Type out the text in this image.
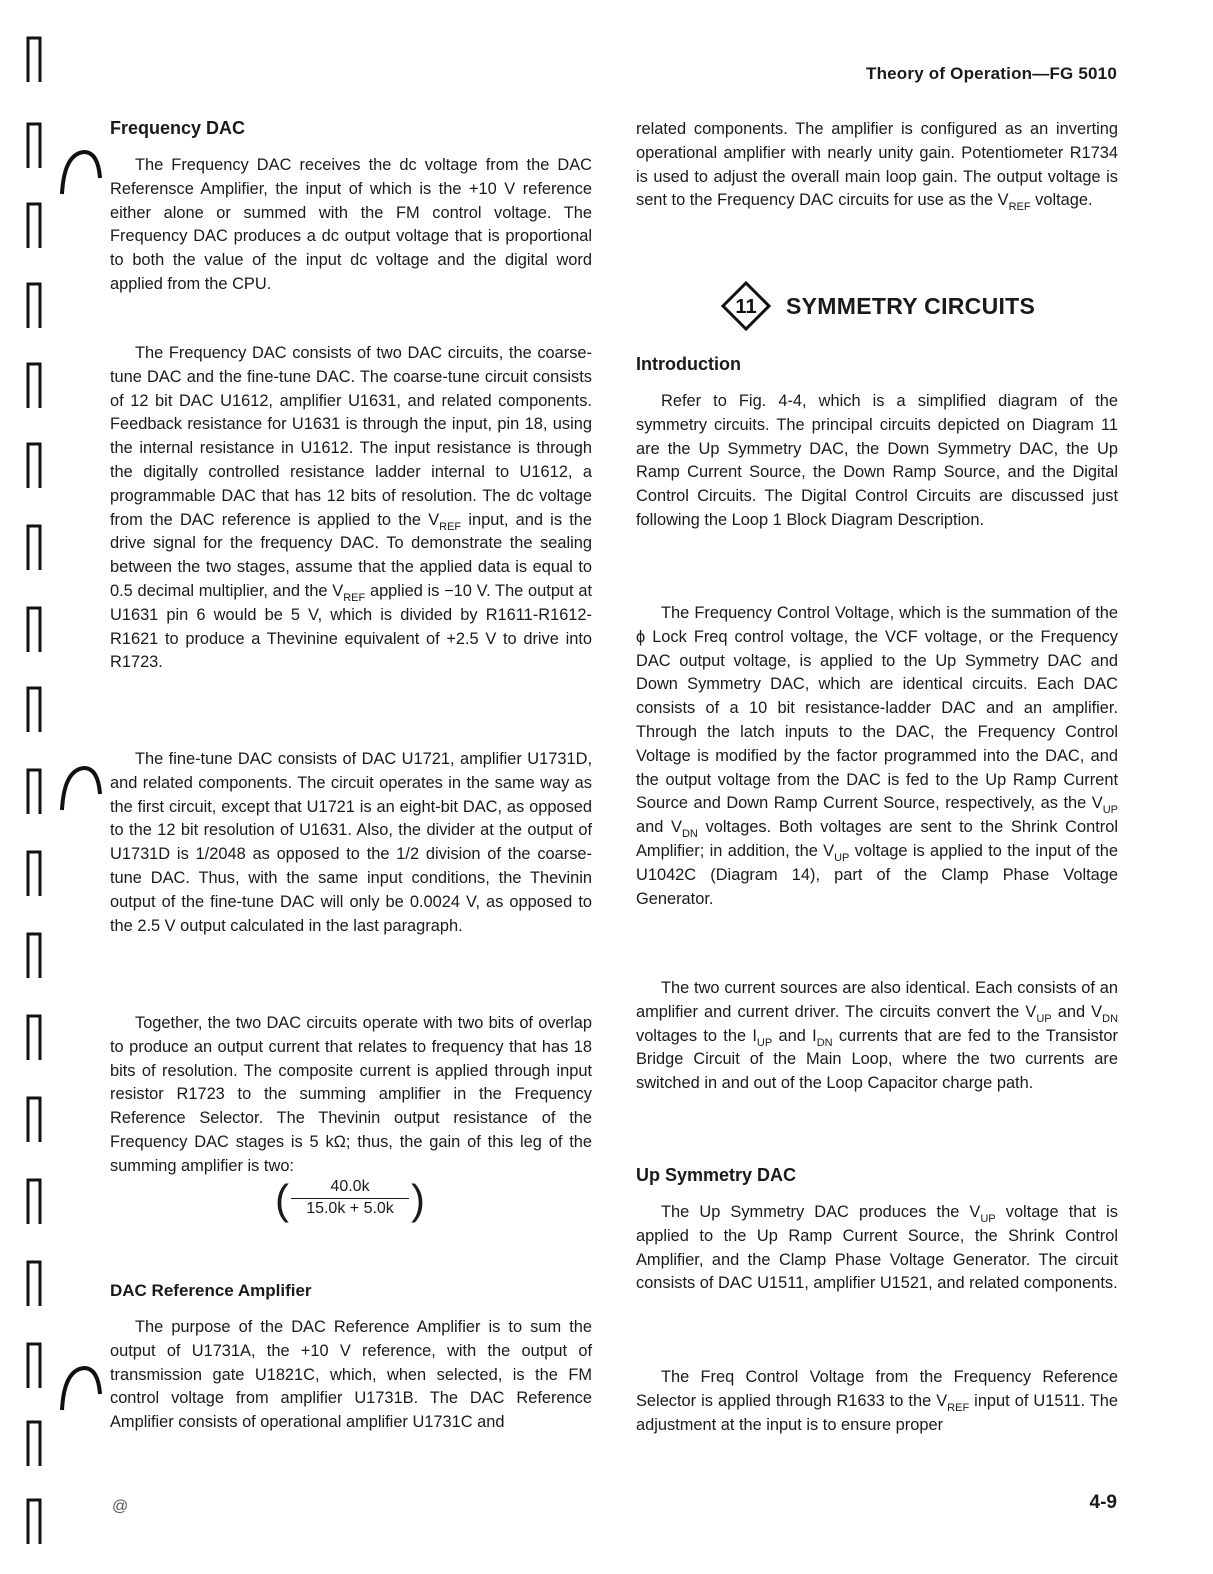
Theory of Operation—FG 5010
Frequency DAC

The Frequency DAC receives the dc voltage from the DAC Referensce Amplifier, the input of which is the +10 V reference either alone or summed with the FM control voltage. The Frequency DAC produces a dc output voltage that is proportional to both the value of the input dc voltage and the digital word applied from the CPU.

The Frequency DAC consists of two DAC circuits, the coarse-tune DAC and the fine-tune DAC. The coarse-tune circuit consists of 12 bit DAC U1612, amplifier U1631, and related components. Feedback resistance for U1631 is through the input, pin 18, using the internal resistance in U1612. The input resistance is through the digitally controlled resistance ladder internal to U1612, a programmable DAC that has 12 bits of resolution. The dc voltage from the DAC reference is applied to the $V_{REF}$ input, and is the drive signal for the frequency DAC. To demonstrate the sealing between the two stages, assume that the applied data is equal to 0.5 decimal multiplier, and the $V_{REF}$ applied is −10 V. The output at U1631 pin 6 would be 5 V, which is divided by R1611-R1612-R1621 to produce a Thevinine equivalent of +2.5 V to drive into R1723.

The fine-tune DAC consists of DAC U1721, amplifier U1731D, and related components. The circuit operates in the same way as the first circuit, except that U1721 is an eight-bit DAC, as opposed to the 12 bit resolution of U1631. Also, the divider at the output of U1731D is 1/2048 as opposed to the 1/2 division of the coarse-tune DAC. Thus, with the same input conditions, the Thevinin output of the fine-tune DAC will only be 0.0024 V, as opposed to the 2.5 V output calculated in the last paragraph.

Together, the two DAC circuits operate with two bits of overlap to produce an output current that relates to frequency that has 18 bits of resolution. The composite current is applied through input resistor R1723 to the summing amplifier in the Frequency Reference Selector. The Thevinin output resistance of the Frequency DAC stages is 5 kΩ; thus, the gain of this leg of the summing amplifier is two:

(	40.0k
15.0k + 5.0k )
DAC Reference Amplifier

The purpose of the DAC Reference Amplifier is to sum the output of U1731A, the +10 V reference, with the output of transmission gate U1821C, which, when selected, is the FM control voltage from amplifier U1731B. The DAC Reference Amplifier consists of operational amplifier U1731C and

related components. The amplifier is configured as an inverting operational amplifier with nearly unity gain. Potentiometer R1734 is used to adjust the overall main loop gain. The output voltage is sent to the Frequency DAC circuits for use as the $V_{REF}$ voltage.

11 SYMMETRY CIRCUITS
Introduction

Refer to Fig. 4-4, which is a simplified diagram of the symmetry circuits. The principal circuits depicted on Diagram 11 are the Up Symmetry DAC, the Down Symmetry DAC, the Up Ramp Current Source, the Down Ramp Source, and the Digital Control Circuits. The Digital Control Circuits are discussed just following the Loop 1 Block Diagram Description.

The Frequency Control Voltage, which is the summation of the ϕ Lock Freq control voltage, the VCF voltage, or the Frequency DAC output voltage, is applied to the Up Symmetry DAC and Down Symmetry DAC, which are identical circuits. Each DAC consists of a 10 bit resistance-ladder DAC and an amplifier. Through the latch inputs to the DAC, the Frequency Control Voltage is modified by the factor programmed into the DAC, and the output voltage from the DAC is fed to the Up Ramp Current Source and Down Ramp Current Source, respectively, as the $V_{UP}$ and $V_{DN}$ voltages. Both voltages are sent to the Shrink Control Amplifier; in addition, the $V_{UP}$ voltage is applied to the input of the U1042C (Diagram 14), part of the Clamp Phase Voltage Generator.

The two current sources are also identical. Each consists of an amplifier and current driver. The circuits convert the $V_{UP}$ and $V_{DN}$ voltages to the $I_{UP}$ and $I_{DN}$ currents that are fed to the Transistor Bridge Circuit of the Main Loop, where the two currents are switched in and out of the Loop Capacitor charge path.

Up Symmetry DAC

The Up Symmetry DAC produces the $V_{UP}$ voltage that is applied to the Up Ramp Current Source, the Shrink Control Amplifier, and the Clamp Phase Voltage Generator. The circuit consists of DAC U1511, amplifier U1521, and related components.

The Freq Control Voltage from the Frequency Reference Selector is applied through R1633 to the $V_{REF}$ input of U1511. The adjustment at the input is to ensure proper

@	4-9
